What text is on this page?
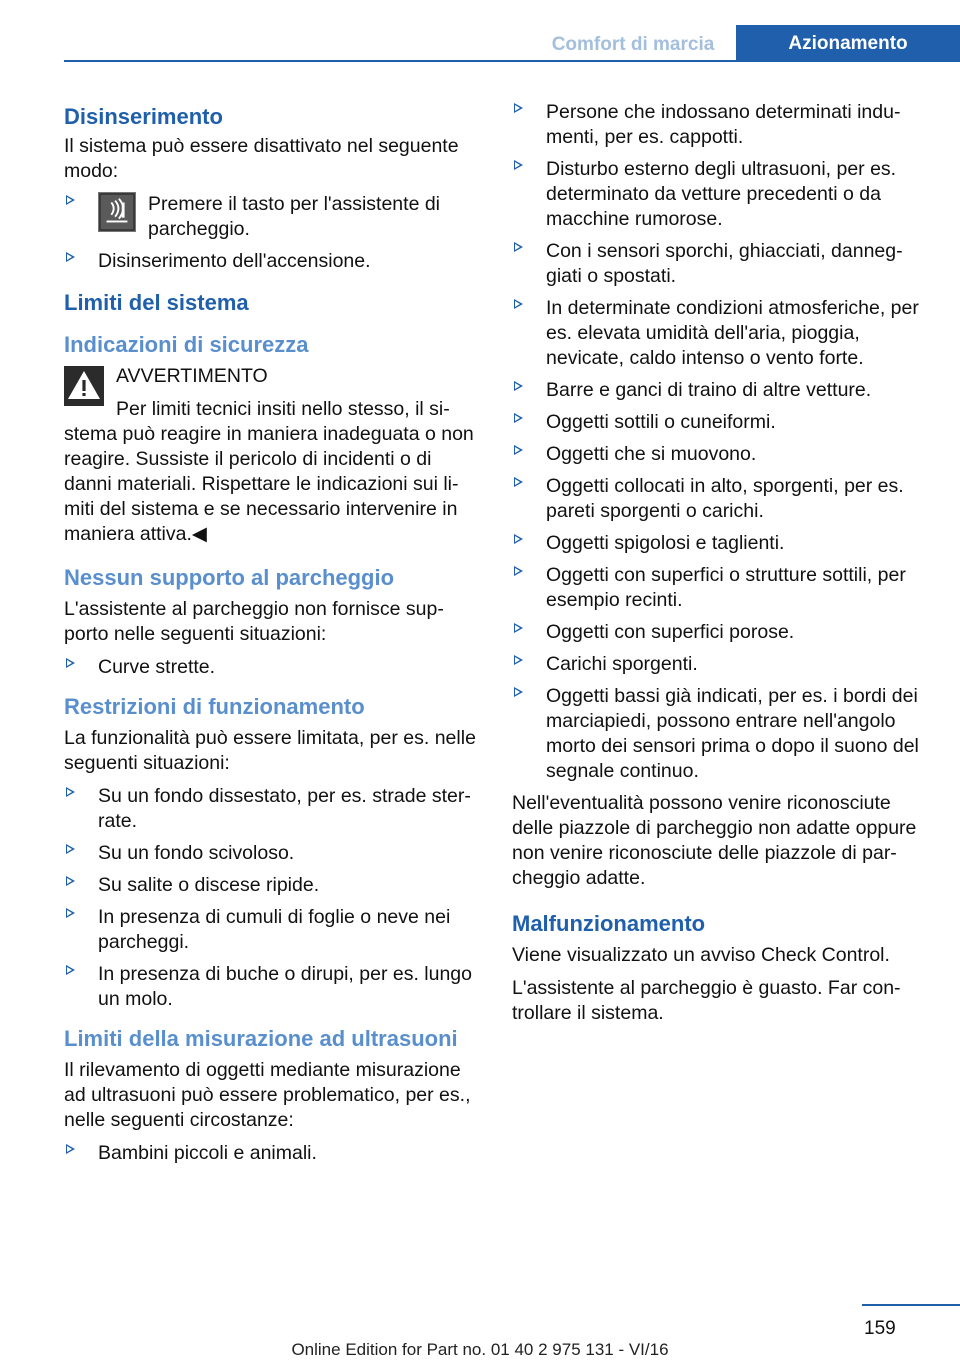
Comfort di marcia	Azionamento
Disinserimento

Il sistema può essere disattivato nel seguente modo:

Premere il tasto per l'assistente di parcheggio.
Disinserimento dell'accensione.
Limiti del sistema
Indicazioni di sicurezza
AVVERTIMENTO
Per limiti tecnici insiti nello stesso, il si-stema può reagire in maniera inadeguata o non reagire. Sussiste il pericolo di incidenti o di danni materiali. Rispettare le indicazioni sui li-miti del sistema e se necessario intervenire in maniera attiva.◀
Nessun supporto al parcheggio

L'assistente al parcheggio non fornisce sup-porto nelle seguenti situazioni:

Curve strette.
Restrizioni di funzionamento

La funzionalità può essere limitata, per es. nelle seguenti situazioni:

Su un fondo dissestato, per es. strade ster-rate.
Su un fondo scivoloso.
Su salite o discese ripide.
In presenza di cumuli di foglie o neve nei parcheggi.
In presenza di buche o dirupi, per es. lungo un molo.
Limiti della misurazione ad ultrasuoni

Il rilevamento di oggetti mediante misurazione ad ultrasuoni può essere problematico, per es., nelle seguenti circostanze:

Bambini piccoli e animali.
Persone che indossano determinati indu-menti, per es. cappotti.
Disturbo esterno degli ultrasuoni, per es. determinato da vetture precedenti o da macchine rumorose.
Con i sensori sporchi, ghiacciati, danneg-giati o spostati.
In determinate condizioni atmosferiche, per es. elevata umidità dell'aria, pioggia, nevicate, caldo intenso o vento forte.
Barre e ganci di traino di altre vetture.
Oggetti sottili o cuneiformi.
Oggetti che si muovono.
Oggetti collocati in alto, sporgenti, per es. pareti sporgenti o carichi.
Oggetti spigolosi e taglienti.
Oggetti con superfici o strutture sottili, per esempio recinti.
Oggetti con superfici porose.
Carichi sporgenti.
Oggetti bassi già indicati, per es. i bordi dei marciapiedi, possono entrare nell'angolo morto dei sensori prima o dopo il suono del segnale continuo.

Nell'eventualità possono venire riconosciute delle piazzole di parcheggio non adatte oppure non venire riconosciute delle piazzole di par-cheggio adatte.

Malfunzionamento

Viene visualizzato un avviso Check Control.

L'assistente al parcheggio è guasto. Far con-trollare il sistema.

159
Online Edition for Part no. 01 40 2 975 131 - VI/16
